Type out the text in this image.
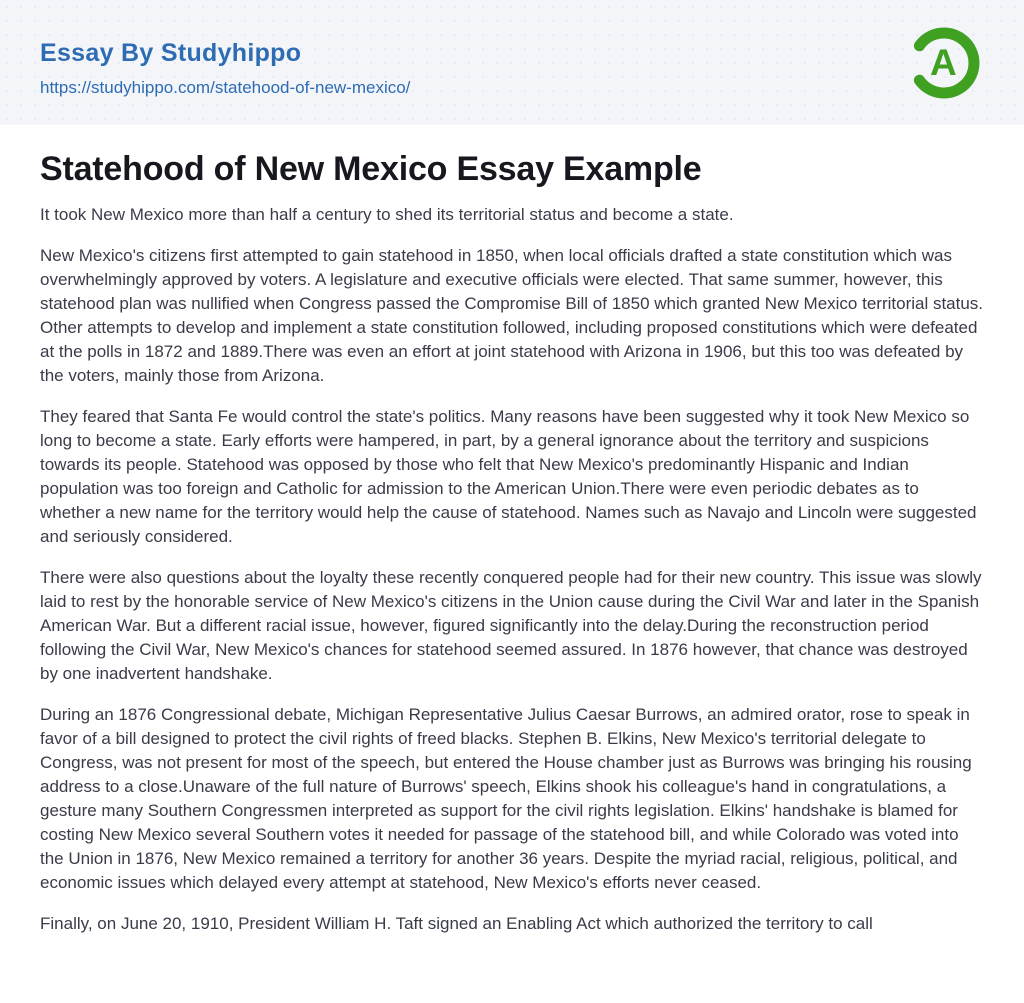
Essay By Studyhippo
https://studyhippo.com/statehood-of-new-mexico/
A
Statehood of New Mexico Essay Example

It took New Mexico more than half a century to shed its territorial status and become a state.

New Mexico's citizens first attempted to gain statehood in 1850, when local officials drafted a state constitution which was overwhelmingly approved by voters. A legislature and executive officials were elected. That same summer, however, this statehood plan was nullified when Congress passed the Compromise Bill of 1850 which granted New Mexico territorial status. Other attempts to develop and implement a state constitution followed, including proposed constitutions which were defeated at the polls in 1872 and 1889.There was even an effort at joint statehood with Arizona in 1906, but this too was defeated by the voters, mainly those from Arizona.

They feared that Santa Fe would control the state's politics. Many reasons have been suggested why it took New Mexico so long to become a state. Early efforts were hampered, in part, by a general ignorance about the territory and suspicions towards its people. Statehood was opposed by those who felt that New Mexico's predominantly Hispanic and Indian population was too foreign and Catholic for admission to the American Union.There were even periodic debates as to whether a new name for the territory would help the cause of statehood. Names such as Navajo and Lincoln were suggested and seriously considered.

There were also questions about the loyalty these recently conquered people had for their new country. This issue was slowly laid to rest by the honorable service of New Mexico's citizens in the Union cause during the Civil War and later in the Spanish American War. But a different racial issue, however, figured significantly into the delay.During the reconstruction period following the Civil War, New Mexico's chances for statehood seemed assured. In 1876 however, that chance was destroyed by one inadvertent handshake.

During an 1876 Congressional debate, Michigan Representative Julius Caesar Burrows, an admired orator, rose to speak in favor of a bill designed to protect the civil rights of freed blacks. Stephen B. Elkins, New Mexico's territorial delegate to Congress, was not present for most of the speech, but entered the House chamber just as Burrows was bringing his rousing address to a close.Unaware of the full nature of Burrows' speech, Elkins shook his colleague's hand in congratulations, a gesture many Southern Congressmen interpreted as support for the civil rights legislation. Elkins' handshake is blamed for costing New Mexico several Southern votes it needed for passage of the statehood bill, and while Colorado was voted into the Union in 1876, New Mexico remained a territory for another 36 years. Despite the myriad racial, religious, political, and economic issues which delayed every attempt at statehood, New Mexico's efforts never ceased.

Finally, on June 20, 1910, President William H. Taft signed an Enabling Act which authorized the territory to call
